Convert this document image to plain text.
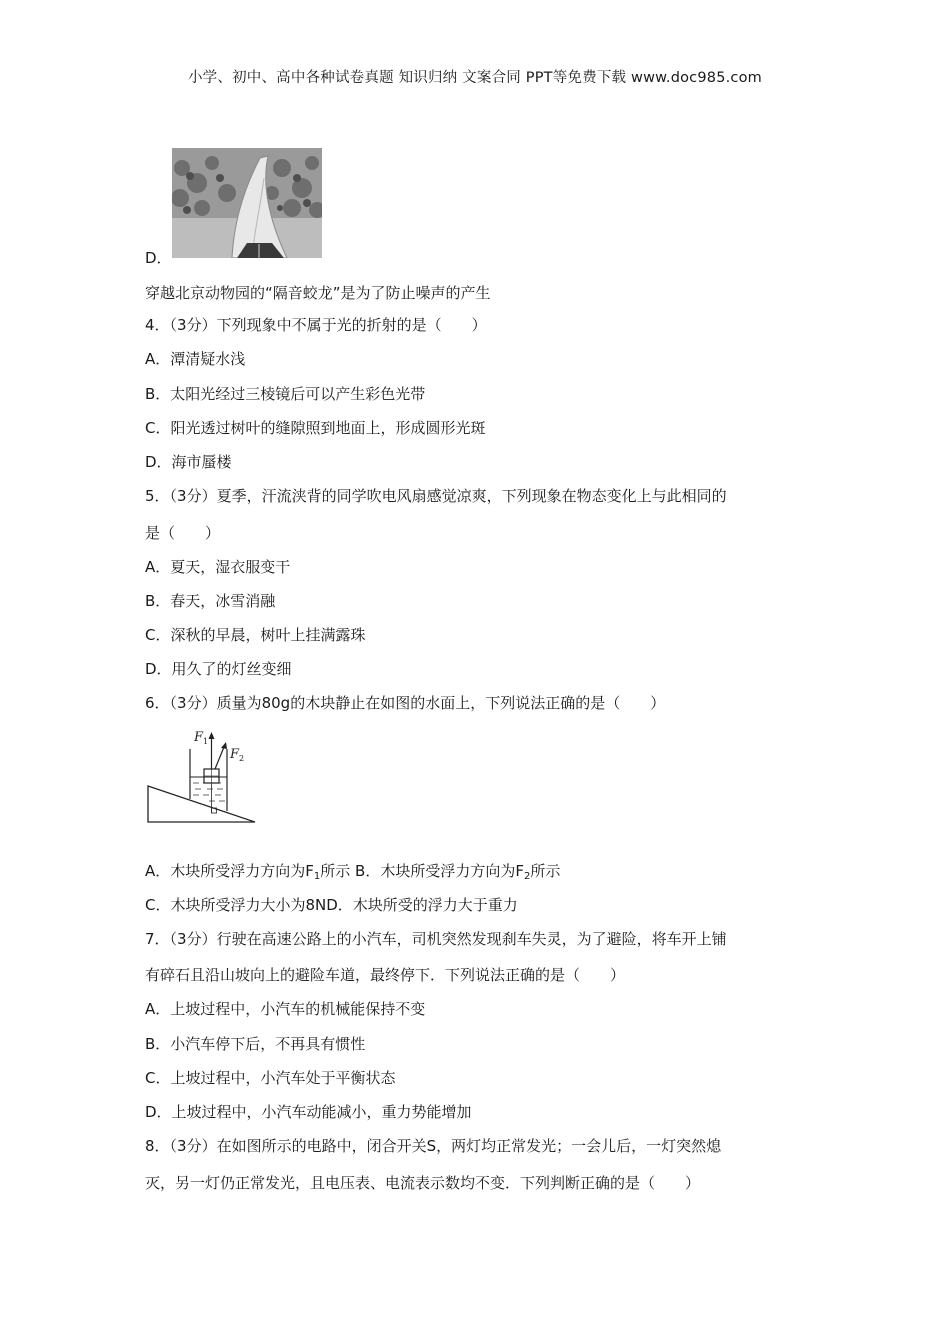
小学、初中、高中各种试卷真题 知识归纳 文案合同 PPT等免费下载 www.doc985.com
D．
穿越北京动物园的“隔音蛟龙”是为了防止噪声的产生
4．（3分）下列现象中不属于光的折射的是（　　）
A．潭清疑水浅
B．太阳光经过三棱镜后可以产生彩色光带
C．阳光透过树叶的缝隙照到地面上，形成圆形光斑
D．海市蜃楼
5．（3分）夏季，汗流浃背的同学吹电风扇感觉凉爽，下列现象在物态变化上与此相同的
是（　　）
A．夏天，湿衣服变干
B．春天，冰雪消融
C．深秋的早晨，树叶上挂满露珠
D．用久了的灯丝变细
6．（3分）质量为80g的木块静止在如图的水面上，下列说法正确的是（　　）
F 1
F 2
A．木块所受浮力方向为$F_1$所示 B．木块所受浮力方向为$F_2$所示
C．木块所受浮力大小为8ND．木块所受的浮力大于重力
7．（3分）行驶在高速公路上的小汽车，司机突然发现刹车失灵，为了避险，将车开上铺
有碎石且沿山坡向上的避险车道，最终停下．下列说法正确的是（　　）
A．上坡过程中，小汽车的机械能保持不变
B．小汽车停下后，不再具有惯性
C．上坡过程中，小汽车处于平衡状态
D．上坡过程中，小汽车动能减小，重力势能增加
8．（3分）在如图所示的电路中，闭合开关S，两灯均正常发光；一会儿后，一灯突然熄
灭，另一灯仍正常发光，且电压表、电流表示数均不变．下列判断正确的是（　　）
